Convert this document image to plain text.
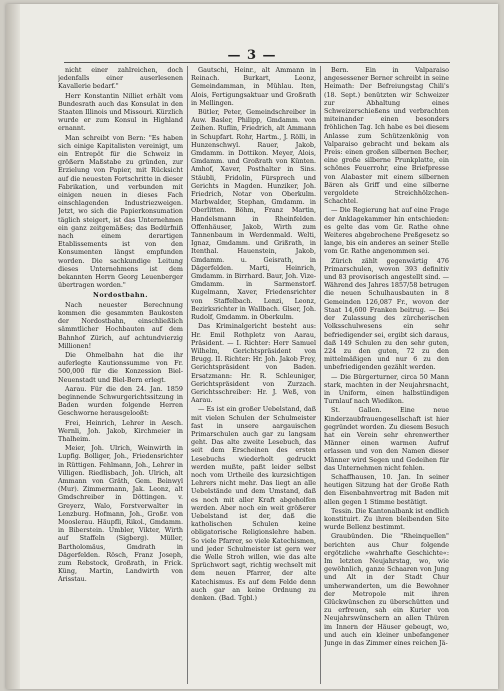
— 3 —

nicht einer zahlreichen, doch jedenfalls einer auserlesenen Kavallerie bedarf."

Herr Konstantin Nilliet erhält vom Bundesrath auch das Konsulat in den Staaten Illinois und Missouri. Kürzlich wurde er zum Konsul in Highland ernannt.

Man schreibt von Bern: "Es haben sich einige Kapitalisten vereinigt, um ein Entrepôt für die Schweiz in größern Maßstabe zu gründen, zur Erzielung von Papier, mit Rücksicht auf die neuesten Fortschritte in dieser Fabrikation, und verbunden mit einigen neuen in dieses Fach einschlagenden Industriezweigen. Jetzt, wo sich die Papierkonsumation täglich steigert, ist das Unternehmen ein ganz zeitgemäßes; das Bedürfniß nach einem derartigen Etablissements ist von den Konsumenten längst empfunden worden. Die sachkundige Leitung dieses Unternehmens ist dem bekannten Herrn Georg Leuenberger übertragen worden."

Nordostbahn.

Nach neuester Berechnung kommen die gesammten Baukosten der Nordostbahn, einschließlich sämmtlicher Hochbauten auf dem Bahnhof Zürich, auf achtundvierzig Millionen!

Die Ohmelbahn hat die ihr auferlegte Kautionssumme von Fr. 500,000 für die Konzession Biel-Neuenstadt und Biel-Bern erlegt.

Aarau. Für die den 24. Jan. 1859 beginnende Schwurgerichtssitzung in Baden wurden folgende Herren Geschworne herausgelooßt:

Frei, Heinrich, Lehrer in Aesch. Wernli, Joh. Jakob, Kirchmeier in Thalheim.

Meier, Joh. Ulrich, Weinwirth in Lupfig. Bolliger, Joh., Friedensrichter in Rüttigen. Fehlmann, Joh., Lehrer in Villigen. Riedlisbach, Joh. Ulrich, alt Ammann von Gräth, Gem. Beinwyl (Mur). Zimmermann, Jak. Leonz, alt Gmdschreiber in Döttingen. v. Greyerz, Walo, Forstverwalter in Lenzburg. Hofmann, Joh., Großr. von Mooslerau. Häupfli, Rikol., Gmdamm. in Biberstein. Umbler, Vikter, Wirth auf Staffeln (Sigberg). Müller, Bartholomäus, Gmdrath in Dägerfelden. Rösch, Franz Joseph, zum Rebstock, Großrath, in Frick. Küng, Martin, Landwirth von Arisstau.

Gautschi, Heinr., alt Ammann in Reinach. Burkart, Leonz, Gemeindamman, in Mühlau. Iten, Alois, Fertigungsaktuar und Großrath in Mellingen.

Bütler, Peter, Gemeindschreiber in Auw. Basler, Philipp, Gmdamm. von Zeihen. Ruflin, Friedrich, alt Ammann in Schupfart. Rohr, Hartm., J. Rölli, in Hunzenschwyl. Rauer, Jakob, Gmdamm. in Dottikon. Meyer, Alois, Gmdamm. und Großrath von Künten. Amhof, Xaver, Posthalter in Sins. Stäubli, Fridolin, Fürsprech und Gerichts in Magden. Hunziker, Joh. Friedrich, Notar von Oberkulm. Marbwalder, Stephan, Gmdamm. in Oberlitten. Böhm, Franz Martin, Handelsmann in Rheinfelden. Offenhäuser, Jakob, Wirth zum Tannenbaum in Werdenmald. Welti, Ignaz, Gmdamm. und Grißrath, in Itenthal. Hauenstein, Jakob, Gmdamm. u. Geisrath, in Dägerfelden. Marti, Heinrich, Gmdamm. in Birrhard. Baur, Joh. Vize-Gmdamm. in Sarmenstorf. Kugelmann, Xaver, Friedensrichter von Staffelbach. Lenzi, Leonz, Bezirksrichter in Wallbach. Glser, Joh. Rudolf, Gmdamm. in Oberkulm.

Das Kriminalgericht besteht aus: Hr. Emil Rothpletz von Aarau, Präsident. — I. Richter: Herr Samuel Wilhelm, Gerichtspräsident von Brugg. II. Richter: Hr. Joh. Jakob Frey, Gerichtspräsident von Baden. Ersatzmann: Hr. R. Schleuniger, Gerichtspräsident von Zurzach. Gerichtsschreiber: Hr. J. Weß, von Aarau.

— Es ist ein großer Uebelstand, daß mit vielen Schulen der Schulmeister fast in unsere aargauischen Primarschulen auch gar zu langsam geht. Das alte zweite Lesebuch, das seit dem Erscheinen des ersten Lesebuchs wiederholt gedruckt werden mußte, paßt leider selbst noch vom Urtheile des kurzsichtigen Lehrers nicht mehr. Das liegt an alle Uebelstände und dem Umstand, daß es noch mit aller Kraft abgeholfen werden. Aber noch ein weit größerer Uebelstand ist der, daß die katholischen Schulen keine obligatorische Religionslehre haben. So viele Pfarrer, so viele Katechismen, und jeder Schulmeister ist gern wer die Welle Stroh willen, wie das alte Sprüchwort sagt, richtig wechselt mit dem neuen Pfarrer, der alte Katechismus. Es auf dem Felde denn auch gar an keine Ordnung zu denken. (Bad. Tgbl.)

Bern. Ein in Valparaiso angesessener Berner schreibt in seine Heimath: Der Befreiungstag Chili's (18. Sept.) benützten wir Schweizer zur Abhaltung eines Schweizerschießens und verbrachten miteinander einen besonders fröhlichen Tag. Ich habe es bei diesem Anlasse zum Schützenkönig von Valparaiso gebracht und bekam als Preis: einen großen silbernen Becher, eine große silberne Prunkplatte, ein schönes Feuerrohr, eine Briefpresse von Alabaster mit einem silbernen Bären als Griff und eine silberne vergoldete Streichhölzchen-Schachtel.

— Die Regierung hat auf eine Frage der Anklagekammer hin entschieden: es gelte das vom Gr. Rathe ohne Weiteres abgebrochene Preßgesetz so lange, bis ein anderes an seiner Stelle vom Gr. Rathe angenommen sei.

Zürich zählt gegenwärtig 476 Primarschulen, wovon 393 definitiv und 83 provisorisch angestellt sind. — Während des Jahres 1857/58 betrugen die neuen Schulhausbauten in 8 Gemeinden 126,087 Fr., wovon der Staat 14,600 Franken beitrug. — Bei der Zulassung des zürcherischen Volksschulwesens ein sehr befriedigender sei, ergibt sich daraus, daß 149 Schulen zu den sehr guten, 224 zu den guten, 72 zu den mittelmäßigen und nur 6 zu den unbefriedigenden gezählt werden.

— Die Bürgerturner, circa 50 Mann stark, machten in der Neujahrsnacht, in Uniform, einen halbstündigen Turnlauf nach Wiedikon.

St. Gallen. Eine neue Kinderzaubfrauengesellschaft ist hier gegründet worden. Zu diesem Besuch hat ein Verein sehr ehrenwerther Männer einen warmen Aufruf erlassen und von den Namen dieser Männer wird Segen und Gedeihen für das Unternehmen nicht fehlen.

Schaffhausen, 10. Jan. In seiner heutigen Sitzung hat der Große Rath den Eisenbahnvertrag mit Baden mit allen gegen 1 Stimme bestätigt.

Tessin. Die Kantonalbank ist endlich konstituirt. Zu ihren bleibenden Site wurde Bellenz bestimmt.

Graubünden. Die "Rheinquellen" berichten aus Chur folgende ergötzliche »wahrhafte Geschichte«: Im letzten Neujahrstag, wo, wie gewöhnlich, ganze Schaaren von Jung und Alt in der Stadt Chur umherwanderten, um die Bewohner der Metropole mit ihren Glückwünschen zu überschütten und zu erfreuen, sah ein Kurier von Neujahrswünschern an allen Thüren im Innern der Häuser gebeugt, wo, und auch ein kleiner unbefangener Junge in das Zimmer eines reichen Jä-
